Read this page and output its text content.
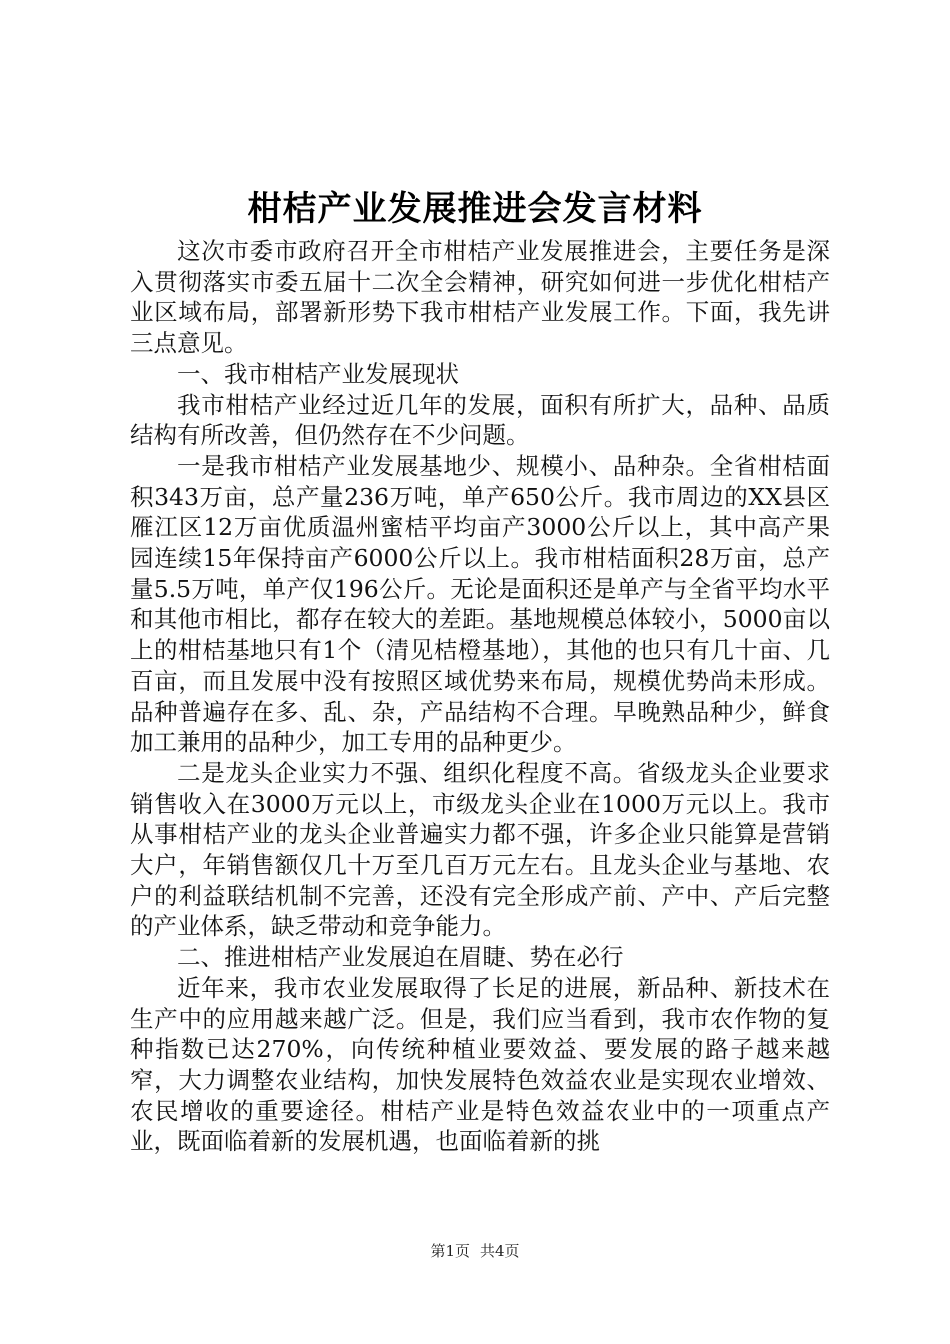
柑桔产业发展推进会发言材料

这次市委市政府召开全市柑桔产业发展推进会，主要任务是深入贯彻落实市委五届十二次全会精神，研究如何进一步优化柑桔产业区域布局，部署新形势下我市柑桔产业发展工作。下面，我先讲三点意见。

一、我市柑桔产业发展现状

我市柑桔产业经过近几年的发展，面积有所扩大，品种、品质结构有所改善，但仍然存在不少问题。

一是我市柑桔产业发展基地少、规模小、品种杂。全省柑桔面积343万亩，总产量236万吨，单产650公斤。我市周边的XX县区雁江区12万亩优质温州蜜桔平均亩产3000公斤以上，其中高产果园连续15年保持亩产6000公斤以上。我市柑桔面积28万亩，总产量5.5万吨，单产仅196公斤。无论是面积还是单产与全省平均水平和其他市相比，都存在较大的差距。基地规模总体较小，5000亩以上的柑桔基地只有1个（清见桔橙基地），其他的也只有几十亩、几百亩，而且发展中没有按照区域优势来布局，规模优势尚未形成。品种普遍存在多、乱、杂，产品结构不合理。早晚熟品种少，鲜食加工兼用的品种少，加工专用的品种更少。

二是龙头企业实力不强、组织化程度不高。省级龙头企业要求销售收入在3000万元以上，市级龙头企业在1000万元以上。我市从事柑桔产业的龙头企业普遍实力都不强，许多企业只能算是营销大户，年销售额仅几十万至几百万元左右。且龙头企业与基地、农户的利益联结机制不完善，还没有完全形成产前、产中、产后完整的产业体系，缺乏带动和竞争能力。

二、推进柑桔产业发展迫在眉睫、势在必行

近年来，我市农业发展取得了长足的进展，新品种、新技术在生产中的应用越来越广泛。但是，我们应当看到，我市农作物的复种指数已达270%，向传统种植业要效益、要发展的路子越来越窄，大力调整农业结构，加快发展特色效益农业是实现农业增效、农民增收的重要途径。柑桔产业是特色效益农业中的一项重点产业，既面临着新的发展机遇，也面临着新的挑

第1页 共4页
